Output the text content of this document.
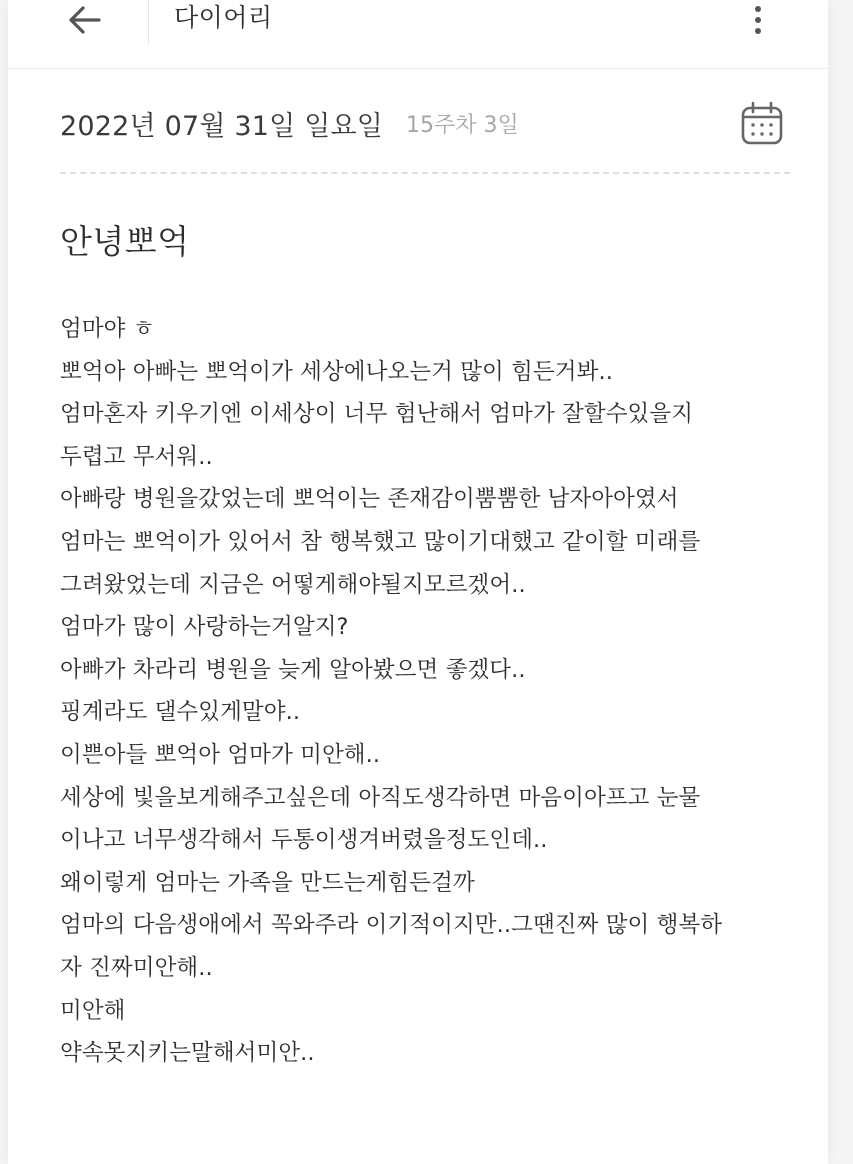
다이어리
2022년 07월 31일 일요일 15주차 3일
안녕뽀억
엄마야 ㅎ
뽀억아 아빠는 뽀억이가 세상에나오는거 많이 힘든거봐..
엄마혼자 키우기엔 이세상이 너무 험난해서 엄마가 잘할수있을지
두렵고 무서워..
아빠랑 병원을갔었는데 뽀억이는 존재감이뿜뿜한 남자아아였서
엄마는 뽀억이가 있어서 참 행복했고 많이기대했고 같이할 미래를
그려왔었는데 지금은 어떻게해야될지모르겠어..
엄마가 많이 사랑하는거알지?
아빠가 차라리 병원을 늦게 알아봤으면 좋겠다..
핑계라도 댈수있게말야..
이쁜아들 뽀억아 엄마가 미안해..
세상에 빛을보게해주고싶은데 아직도생각하면 마음이아프고 눈물
이나고 너무생각해서 두통이생겨버렸을정도인데..
왜이렇게 엄마는 가족을 만드는게힘든걸까
엄마의 다음생애에서 꼭와주라 이기적이지만..그땐진짜 많이 행복하
자 진짜미안해..
미안해
약속못지키는말해서미안..
